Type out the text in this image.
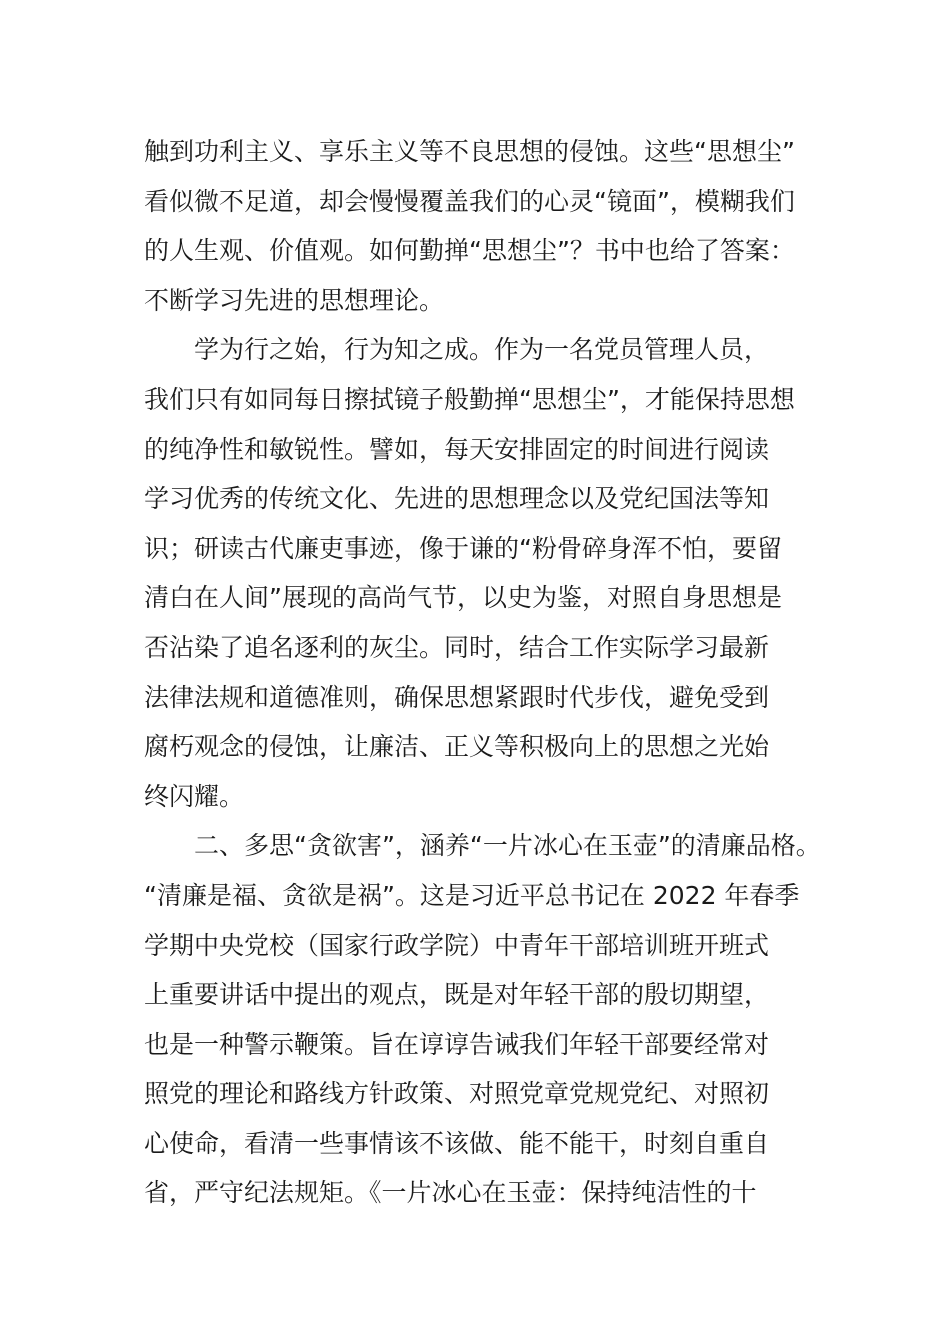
触到功利主义、享乐主义等不良思想的侵蚀。这些“思想尘”
看似微不足道，却会慢慢覆盖我们的心灵“镜面”，模糊我们
的人生观、价值观。如何勤掸“思想尘”？书中也给了答案：
不断学习先进的思想理论。

学为行之始，行为知之成。作为一名党员管理人员，
我们只有如同每日擦拭镜子般勤掸“思想尘”，才能保持思想
的纯净性和敏锐性。譬如，每天安排固定的时间进行阅读
学习优秀的传统文化、先进的思想理念以及党纪国法等知
识；研读古代廉吏事迹，像于谦的“粉骨碎身浑不怕，要留
清白在人间”展现的高尚气节，以史为鉴，对照自身思想是
否沾染了追名逐利的灰尘。同时，结合工作实际学习最新
法律法规和道德准则，确保思想紧跟时代步伐，避免受到
腐朽观念的侵蚀，让廉洁、正义等积极向上的思想之光始
终闪耀。

二、多思“贪欲害”，涵养“一片冰心在玉壶”的清廉品格。
“清廉是福、贪欲是祸”。这是习近平总书记在 2022 年春季
学期中央党校（国家行政学院）中青年干部培训班开班式
上重要讲话中提出的观点，既是对年轻干部的殷切期望，
也是一种警示鞭策。旨在谆谆告诫我们年轻干部要经常对
照党的理论和路线方针政策、对照党章党规党纪、对照初
心使命，看清一些事情该不该做、能不能干，时刻自重自
省，严守纪法规矩。《一片冰心在玉壶：保持纯洁性的十
